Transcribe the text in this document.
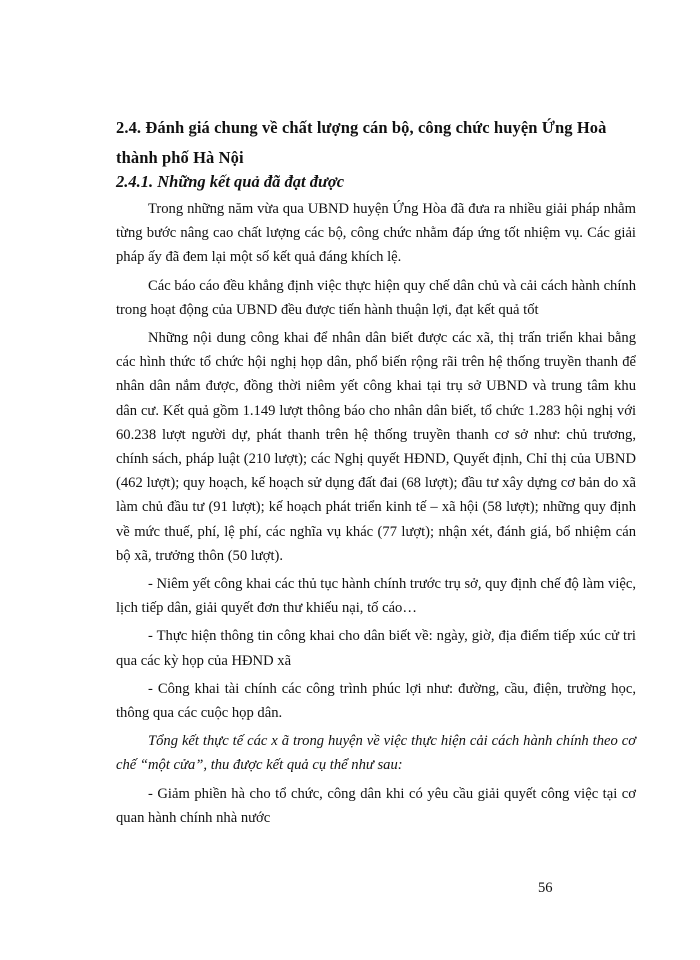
2.4. Đánh giá chung về chất lượng cán bộ, công chức huyện Ứng Hoà thành phố Hà Nội
2.4.1. Những kết quả đã đạt được

Trong những năm vừa qua UBND huyện Ứng Hòa đã đưa ra nhiều giải pháp nhằm từng bước nâng cao chất lượng các bộ, công chức nhằm đáp ứng tốt nhiệm vụ. Các giải pháp ấy đã đem lại một số kết quả đáng khích lệ.

Các báo cáo đều khẳng định việc thực hiện quy chế dân chủ và cải cách hành chính trong hoạt động của UBND đều được tiến hành thuận lợi, đạt kết quả tốt

Những nội dung công khai để nhân dân biết được các xã, thị trấn triển khai bằng các hình thức tổ chức hội nghị họp dân, phổ biến rộng rãi trên hệ thống truyền thanh để nhân dân nắm được, đồng thời niêm yết công khai tại trụ sở UBND và trung tâm khu dân cư. Kết quả gồm 1.149 lượt thông báo cho nhân dân biết, tổ chức 1.283 hội nghị với 60.238 lượt người dự, phát thanh trên hệ thống truyền thanh cơ sở như: chủ trương, chính sách, pháp luật (210 lượt); các Nghị quyết HĐND, Quyết định, Chỉ thị của UBND (462 lượt); quy hoạch, kế hoạch sử dụng đất đai (68 lượt); đầu tư xây dựng cơ bản do xã làm chủ đầu tư (91 lượt); kế hoạch phát triển kinh tế – xã hội (58 lượt); những quy định về mức thuế, phí, lệ phí, các nghĩa vụ khác (77 lượt); nhận xét, đánh giá, bổ nhiệm cán bộ xã, trưởng thôn (50 lượt).

- Niêm yết công khai các thủ tục hành chính trước trụ sở, quy định chế độ làm việc, lịch tiếp dân, giải quyết đơn thư khiếu nại, tố cáo…

- Thực hiện thông tin công khai cho dân biết về: ngày, giờ, địa điểm tiếp xúc cử tri qua các kỳ họp của HĐND xã

- Công khai tài chính các công trình phúc lợi như: đường, cầu, điện, trường học, thông qua các cuộc họp dân.

Tổng kết thực tế các x ã trong huyện về việc thực hiện cải cách hành chính theo cơ chế “một cửa”, thu được kết quả cụ thể như sau:

- Giảm phiền hà cho tổ chức, công dân khi có yêu cầu giải quyết công việc tại cơ quan hành chính nhà nước

56
